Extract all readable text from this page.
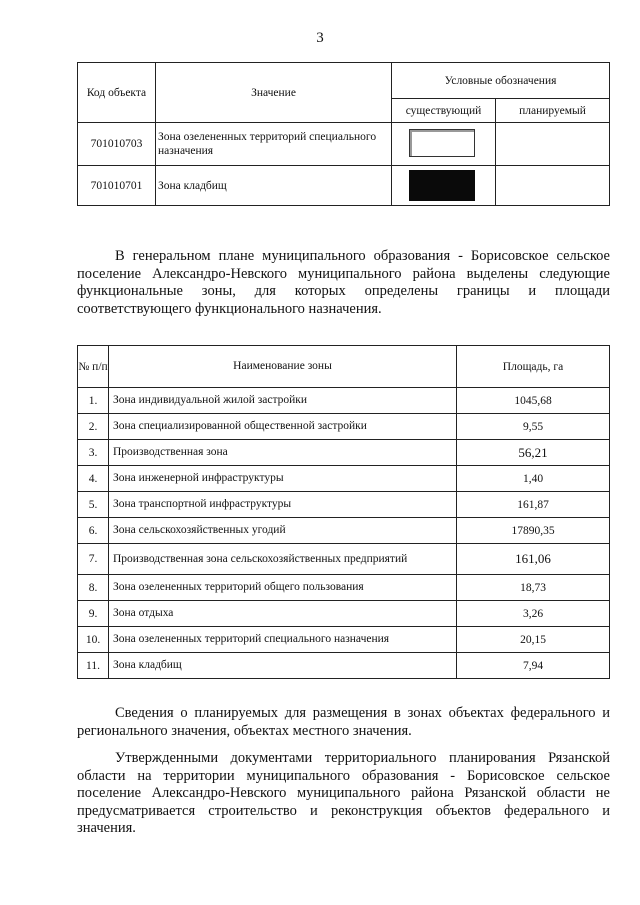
3
Код объекта	Значение	Условные обозначения	
		существующий	планируемый
701010703	Зона озелененных территорий специального назначения	

701010701	Зона кладбищ	

В генеральном плане муниципального образования - Борисовское сельское поселение Александро-Невского муниципального района выделены следующие функциональные зоны, для которых определены границы и площади соответствующего функционального назначения.

№ п/п	Наименование зоны	Площадь, га
1.	Зона индивидуальной жилой застройки	1045,68
2.	Зона специализированной общественной застройки	9,55
3.	Производственная зона	56,21
4.	Зона инженерной инфраструктуры	1,40
5.	Зона транспортной инфраструктуры	161,87
6.	Зона сельскохозяйственных угодий	17890,35
7.	Производственная зона сельскохозяйственных предприятий	161,06
8.	Зона озелененных территорий общего пользования	18,73
9.	Зона отдыха	3,26
10.	Зона озелененных территорий специального назначения	20,15
11.	Зона кладбищ	7,94

Сведения о планируемых для размещения в зонах объектах федерального и регионального значения, объектах местного значения.

Утвержденными документами территориального планирования Рязанской области на территории муниципального образования - Борисовское сельское поселение Александро-Невского муниципального района Рязанской области не предусматривается строительство и реконструкция объектов федерального и значения.
